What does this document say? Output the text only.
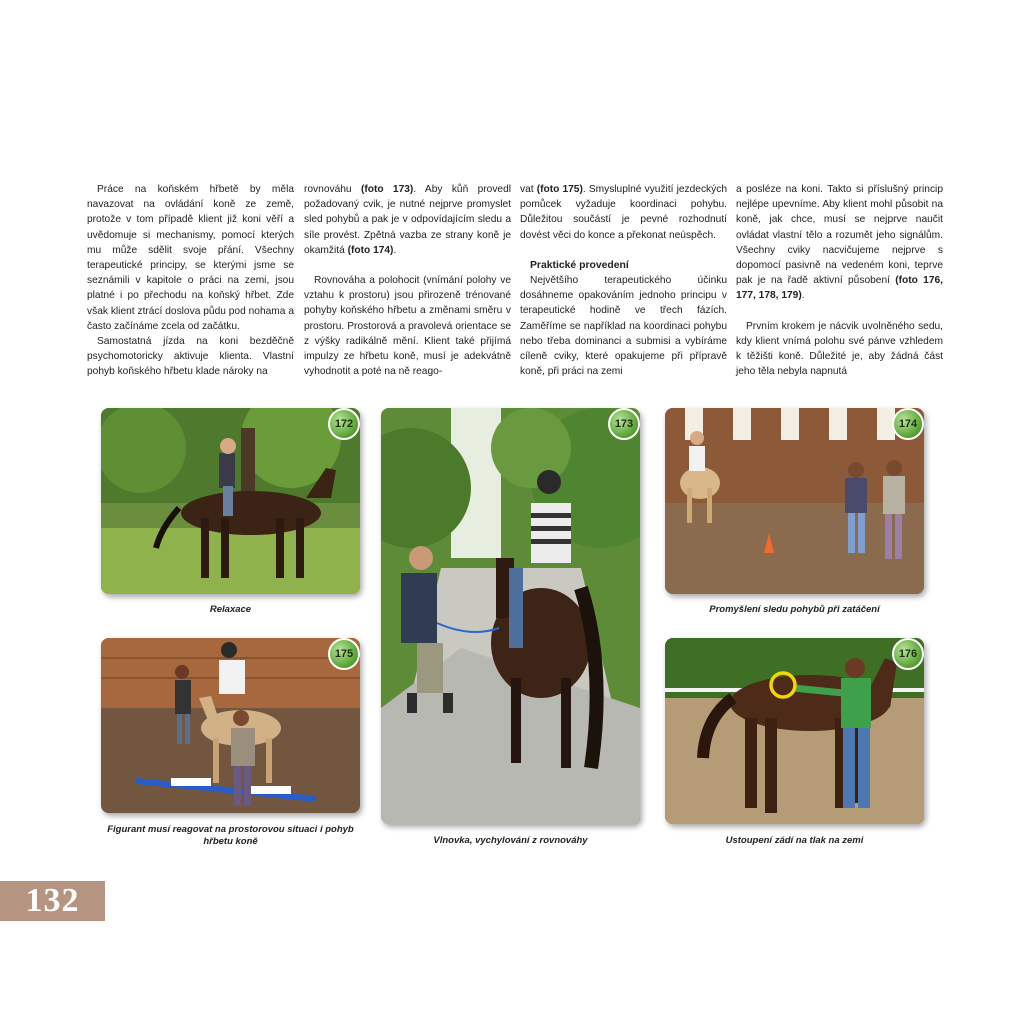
Práce na koňském hřbetě by měla navazovat na ovládání koně ze země, protože v tom případě klient již koni věří a uvědomuje si mechanismy, pomocí kterých mu může sdělit svoje přání. Všechny terapeutické principy, se kterými jsme se seznámili v kapitole o práci na zemi, jsou platné i po přechodu na koňský hřbet. Zde však klient ztrácí doslova půdu pod nohama a často začínáme zcela od začátku.

Samostatná jízda na koni bezděčně psychomotoricky aktivuje klienta. Vlastní pohyb koňského hřbetu klade nároky na

rovnováhu (foto 173). Aby kůň provedl požadovaný cvik, je nutné nejprve promyslet sled pohybů a pak je v odpovídajícím sledu a síle provést. Zpětná vazba ze strany koně je okamžitá (foto 174).

Rovnováha a polohocit (vnímání polohy ve vztahu k prostoru) jsou přirozeně trénované pohyby koňského hřbetu a změnami směru v prostoru. Prostorová a pravolevá orientace se z výšky radikálně mění. Klient také přijímá impulzy ze hřbetu koně, musí je adekvátně vyhodnotit a poté na ně reago-

vat (foto 175). Smysluplné využití jezdeckých pomůcek vyžaduje koordinaci pohybu. Důležitou součástí je pevné rozhodnutí dovést věci do konce a překonat neúspěch.

Praktické provedení

Největšího terapeutického účinku dosáhneme opakováním jednoho principu v terapeutické hodině ve třech fázích. Zaměříme se například na koordinaci pohybu nebo třeba dominanci a submisi a vybíráme cíleně cviky, které opakujeme při přípravě koně, při práci na zemi

a posléze na koni. Takto si příslušný princip nejlépe upevníme. Aby klient mohl působit na koně, jak chce, musí se nejprve naučit ovládat vlastní tělo a rozumět jeho signálům. Všechny cviky nacvičujeme nejprve s dopomocí pasivně na vedeném koni, teprve pak je na řadě aktivní působení (foto 176, 177, 178, 179).

Prvním krokem je nácvik uvolněného sedu, kdy klient vnímá polohu své pánve vzhledem k těžišti koně. Důležité je, aby žádná část jeho těla nebyla napnutá

172
Relaxace
173
Vlnovka, vychylování z rovnováhy
174
Promyšlení sledu pohybů při zatáčení
175
Figurant musí reagovat na prostorovou situaci i pohyb hřbetu koně
176
Ustoupení zádí na tlak na zemi
132
